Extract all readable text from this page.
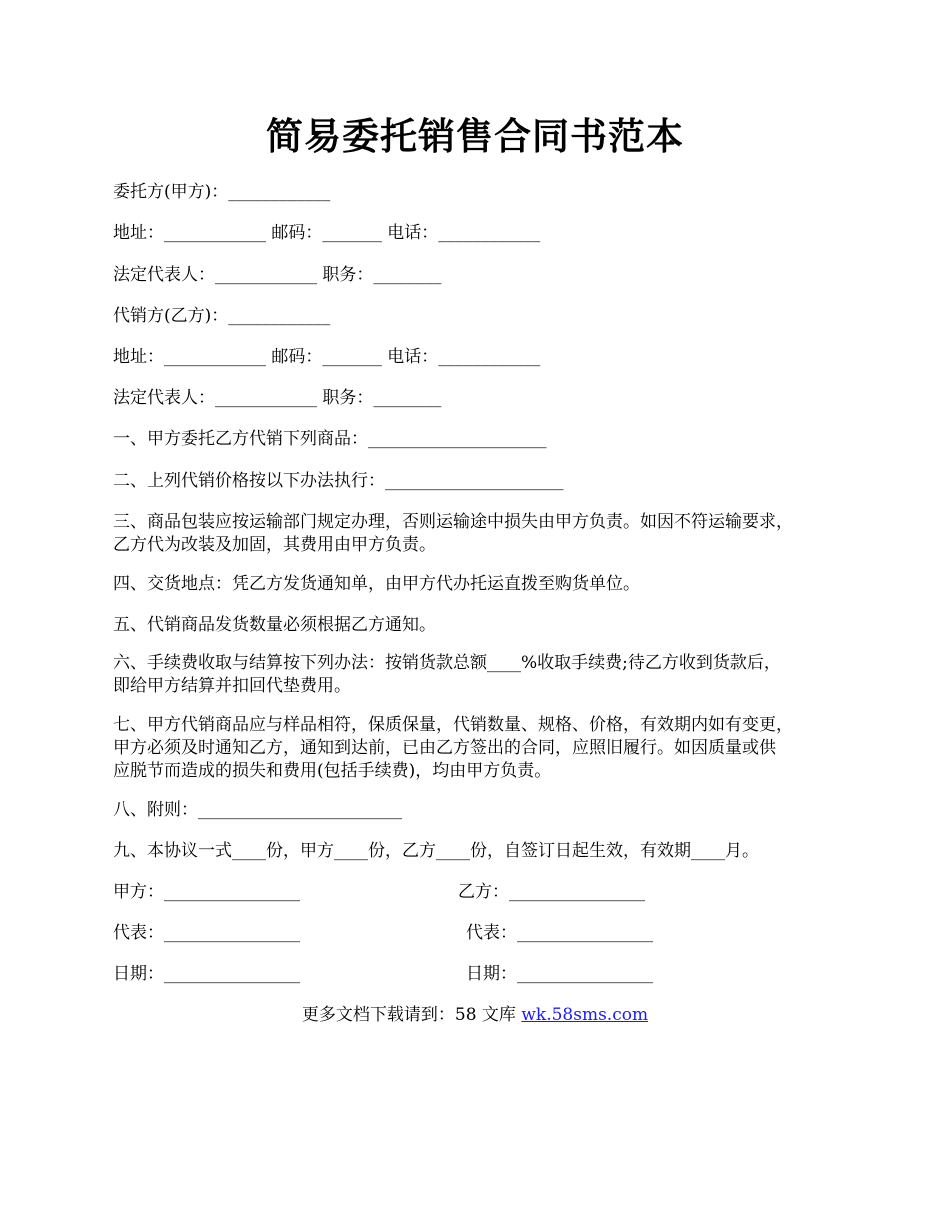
简易委托销售合同书范本
委托方(甲方)：____________
地址：____________ 邮码：_______ 电话：____________
法定代表人：____________ 职务：________
代销方(乙方)：____________
地址：____________ 邮码：_______ 电话：____________
法定代表人：____________ 职务：________
一、甲方委托乙方代销下列商品：_____________________
二、上列代销价格按以下办法执行：_____________________
三、商品包装应按运输部门规定办理，否则运输途中损失由甲方负责。如因不符运输要求，
乙方代为改装及加固，其费用由甲方负责。
四、交货地点：凭乙方发货通知单，由甲方代办托运直拨至购货单位。
五、代销商品发货数量必须根据乙方通知。
六、手续费收取与结算按下列办法：按销货款总额____%收取手续费;待乙方收到货款后，
即给甲方结算并扣回代垫费用。
七、甲方代销商品应与样品相符，保质保量，代销数量、规格、价格，有效期内如有变更，
甲方必须及时通知乙方，通知到达前，已由乙方签出的合同，应照旧履行。如因质量或供
应脱节而造成的损失和费用(包括手续费)，均由甲方负责。
八、附则：________________________
九、本协议一式____份，甲方____份，乙方____份，自签订日起生效，有效期____月。
甲方：________________	乙方：________________
代表：________________	代表：________________
日期：________________	日期：________________
更多文档下载请到：58 文库 wk.58sms.com
